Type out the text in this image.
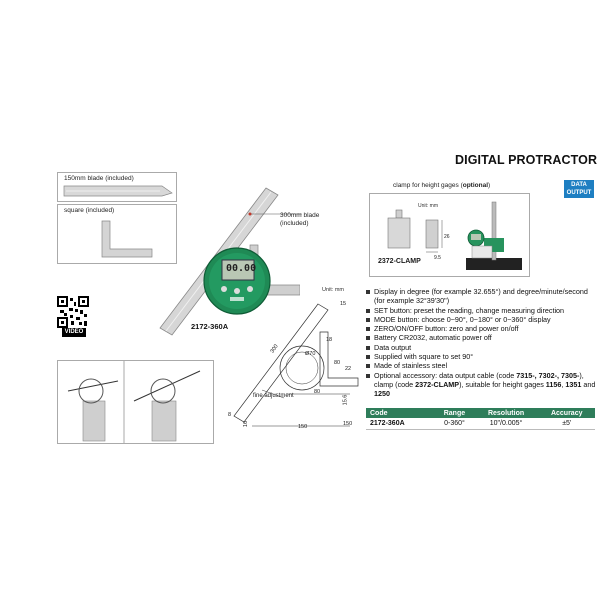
DIGITAL PROTRACTOR
DATA
OUTPUT
150mm blade (included)
square (included)
VIDEO
00.00
300mm blade
(included)
2172-360A
clamp for height gages (optional)
Unit: mm
26
9.5
2372-CLAMP
Unit: mm
300	Ø70
15
18
80
22
15.6
150
8
16
80
150
fine adjustment
Display in degree (for example 32.655°) and degree/minute/second (for example 32°39'30")
SET button: preset the reading, change measuring direction
MODE button: choose 0~90°, 0~180° or 0~360° display
ZERO/ON/OFF button: zero and power on/off
Battery CR2032, automatic power off
Data output
Supplied with square to set 90°
Made of stainless steel
Optional accessory: data output cable (code 7315-, 7302-, 7305-), clamp (code 2372-CLAMP), suitable for height gages 1156, 1351 and 1250
Code	Range	Resolution	Accuracy
2172-360A	0-360°	10"/0.005°	±5'
